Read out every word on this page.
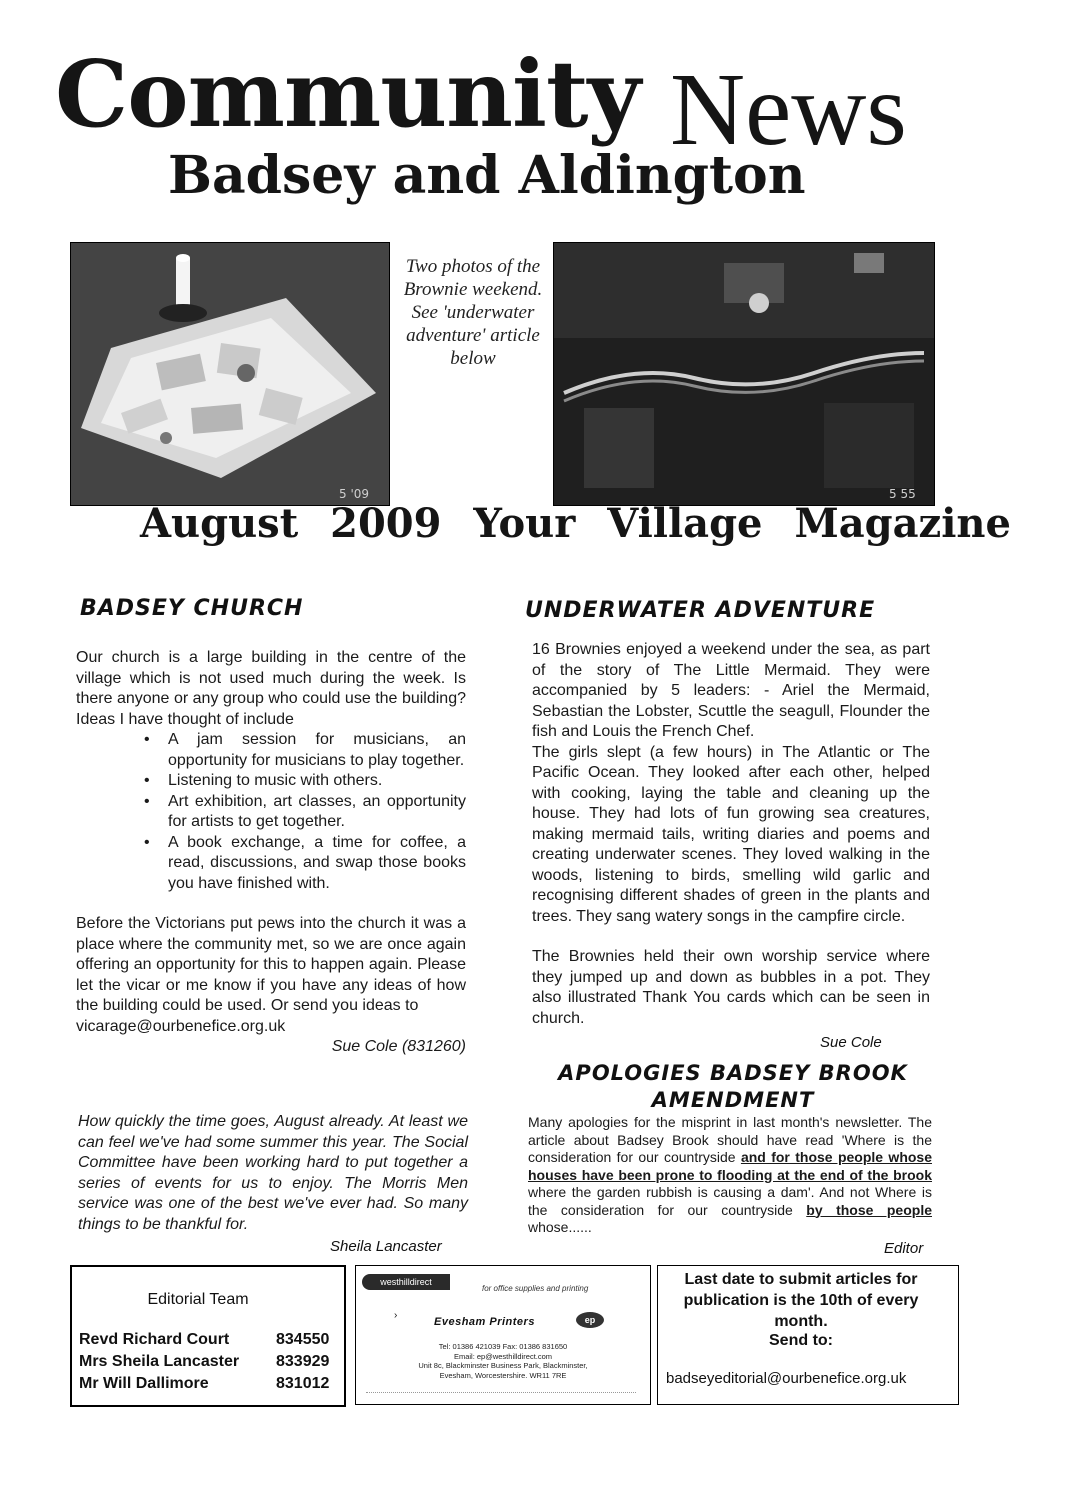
Community News
Badsey and Aldington
5 '09
Two photos of the Brownie weekend. See 'underwater adventure' article below
5 55
August 2009 Your Village Magazine
BADSEY CHURCH

Our church is a large building in the centre of the village which is not used much during the week. Is there anyone or any group who could use the building? Ideas I have thought of include

• A jam session for musicians, an opportunity for musicians to play together.
• Listening to music with others.
• Art exhibition, art classes, an opportunity for artists to get together.
• A book exchange, a time for coffee, a read, discussions, and swap those books you have finished with.

Before the Victorians put pews into the church it was a place where the community met, so we are once again offering an opportunity for this to happen again. Please let the vicar or me know if you have any ideas of how the building could be used. Or send you ideas to

vicarage@ourbenefice.org.uk

Sue Cole (831260)

How quickly the time goes, August already. At least we can feel we've had some summer this year. The Social Committee have been working hard to put together a series of events for us to enjoy. The Morris Men service was one of the best we've ever had. So many things to be thankful for.

Sheila Lancaster
UNDERWATER ADVENTURE

16 Brownies enjoyed a weekend under the sea, as part of the story of The Little Mermaid. They were accompanied by 5 leaders: - Ariel the Mermaid, Sebastian the Lobster, Scuttle the seagull, Flounder the fish and Louis the French Chef.

The girls slept (a few hours) in The Atlantic or The Pacific Ocean. They looked after each other, helped with cooking, laying the table and cleaning up the house. They had lots of fun growing sea creatures, making mermaid tails, writing diaries and poems and creating underwater scenes. They loved walking in the woods, listening to birds, smelling wild garlic and recognising different shades of green in the plants and trees. They sang watery songs in the campfire circle.

The Brownies held their own worship service where they jumped up and down as bubbles in a pot. They also illustrated Thank You cards which can be seen in church.

Sue Cole
APOLOGIES BADSEY BROOK
AMENDMENT
Many apologies for the misprint in last month's newsletter. The article about Badsey Brook should have read 'Where is the consideration for our countryside and for those people whose houses have been prone to flooding at the end of the brook where the garden rubbish is causing a dam'. And not Where is the consideration for our countryside by those people whose......
Editor
Editorial Team
Revd Richard Court	834550
Mrs Sheila Lancaster 833929
Mr Will Dallimore	831012
westhilldirect
for office supplies and printing
›
Evesham Printers	ep
Tel: 01386 421039 Fax: 01386 831650
Email: ep@westhilldirect.com
Unit 8c, Blackminster Business Park, Blackminster,
Evesham, Worcestershire. WR11 7RE
Last date to submit articles for publication is the 10th of every month.
Send to:
badseyeditorial@ourbenefice.org.uk
